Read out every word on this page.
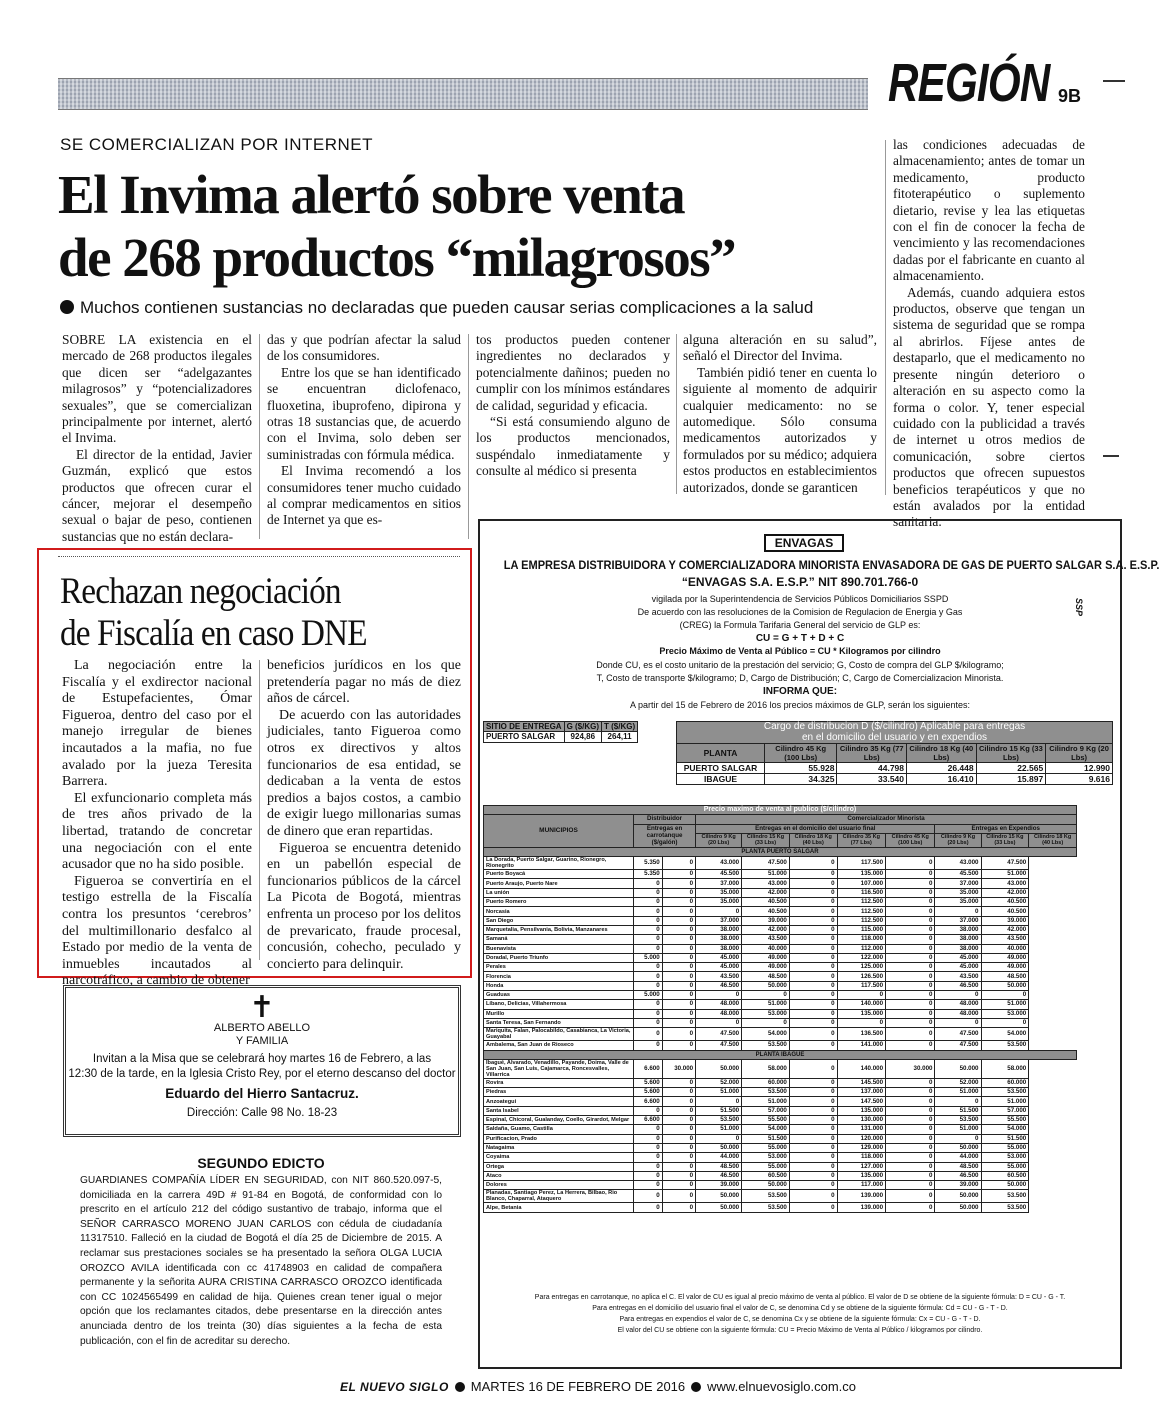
REGIÓN 9B
SE COMERCIALIZAN POR INTERNET
El Invima alertó sobre venta
de 268 productos “milagrosos”
Muchos contienen sustancias no declaradas que pueden causar serias complicaciones a la salud

SOBRE LA existencia en el mercado de 268 productos ilegales que dicen ser “adelgazantes milagrosos” y “potencializadores sexuales”, que se comercializan principalmente por internet, alertó el Invima.

El director de la entidad, Javier Guzmán, explicó que estos productos que ofrecen curar el cáncer, mejorar el desempeño sexual o bajar de peso, contienen sustancias que no están declara-

das y que podrían afectar la salud de los consumidores.

Entre los que se han identificado se encuentran diclofenaco, fluoxetina, ibuprofeno, dipirona y otras 18 sustancias que, de acuerdo con el Invima, solo deben ser suministradas con fórmula médica.

El Invima recomendó a los consumidores tener mucho cuidado al comprar medicamentos en sitios de Internet ya que es-

tos productos pueden contener ingredientes no declarados y potencialmente dañinos; pueden no cumplir con los mínimos estándares de calidad, seguridad y eficacia.

“Si está consumiendo alguno de los productos mencionados, suspéndalo inmediatamente y consulte al médico si presenta

alguna alteración en su salud”, señaló el Director del Invima.

También pidió tener en cuenta lo siguiente al momento de adquirir cualquier medicamento: no se automedique. Sólo consuma medicamentos autorizados y formulados por su médico; adquiera estos productos en establecimientos autorizados, donde se garanticen

las condiciones adecuadas de almacenamiento; antes de tomar un medicamento, producto fitoterapéutico o suplemento dietario, revise y lea las etiquetas con el fin de conocer la fecha de vencimiento y las recomendaciones dadas por el fabricante en cuanto al almacenamiento.

Además, cuando adquiera estos productos, observe que tengan un sistema de seguridad que se rompa al abrirlos. Fíjese antes de destaparlo, que el medicamento no presente ningún deterioro o alteración en su aspecto como la forma o color. Y, tener especial cuidado con la publicidad a través de internet u otros medios de comunicación, sobre ciertos productos que ofrecen supuestos beneficios terapéuticos y que no están avalados por la entidad sanitaria.

Rechazan negociación
de Fiscalía en caso DNE

La negociación entre la Fiscalía y el exdirector nacional de Estupefacientes, Ómar Figueroa, dentro del caso por el manejo irregular de bienes incautados a la mafia, no fue avalado por la jueza Teresita Barrera.

El exfuncionario completa más de tres años privado de la libertad, tratando de concretar una negociación con el ente acusador que no ha sido posible.

Figueroa se convertiría en el testigo estrella de la Fiscalía contra los presuntos ‘cerebros’ del multimillonario desfalco al Estado por medio de la venta de inmuebles incautados al narcotráfico, a cambio de obtener

beneficios jurídicos en los que pretendería pagar no más de diez años de cárcel.

De acuerdo con las autoridades judiciales, tanto Figueroa como otros ex directivos y altos funcionarios de esa entidad, se dedicaban a la venta de estos predios a bajos costos, a cambio de exigir luego millonarias sumas de dinero que eran repartidas.

Figueroa se encuentra detenido en un pabellón especial de funcionarios públicos de la cárcel La Picota de Bogotá, mientras enfrenta un proceso por los delitos de prevaricato, fraude procesal, concusión, cohecho, peculado y concierto para delinquir.

✝
ALBERTO ABELLO
Y FAMILIA
Invitan a la Misa que se celebrará hoy martes 16 de Febrero, a las
12:30 de la tarde, en la Iglesia Cristo Rey, por el eterno descanso del doctor
Eduardo del Hierro Santacruz.
Dirección: Calle 98 No. 18-23
SEGUNDO EDICTO
GUARDIANES COMPAÑÍA LÍDER EN SEGURIDAD, con NIT 860.520.097-5, domiciliada en la carrera 49D # 91-84 en Bogotá, de conformidad con lo prescrito en el artículo 212 del código sustantivo de trabajo, informa que el SEÑOR CARRASCO MORENO JUAN CARLOS con cédula de ciudadanía 11317510. Falleció en la ciudad de Bogotá el día 25 de Diciembre de 2015. A reclamar sus prestaciones sociales se ha presentado la señora OLGA LUCIA OROZCO AVILA identificada con cc 41748903 en calidad de compañera permanente y la señorita AURA CRISTINA CARRASCO OROZCO identificada con CC 1024565499 en calidad de hija. Quienes crean tener igual o mejor opción que los reclamantes citados, debe presentarse en la dirección antes anunciada dentro de los treinta (30) días siguientes a la fecha de esta publicación, con el fin de acreditar su derecho.
ENVAGAS
LA EMPRESA DISTRIBUIDORA Y COMERCIALIZADORA MINORISTA ENVASADORA DE GAS DE PUERTO SALGAR S.A. E.S.P.
“ENVAGAS S.A. E.S.P.” NIT 890.701.766-0
vigilada por la Superintendencia de Servicios Públicos Domiciliarios SSPD
De acuerdo con las resoluciones de la Comision de Regulacion de Energia y Gas
(CREG) la Formula Tarifaria General del servicio de GLP es:
CU = G + T + D + C
Precio Máximo de Venta al Público = CU * Kilogramos por cilindro
Donde CU, es el costo unitario de la prestación del servicio; G, Costo de compra del GLP $/kilogramo;
T, Costo de transporte $/kilogramo; D, Cargo de Distribución; C, Cargo de Comercializacion Minorista.
INFORMA QUE:
A partir del 15 de Febrero de 2016 los precios máximos de GLP, serán los siguientes:
SSP
SITIO DE ENTREGA	G ($/KG)	T ($/KG)
PUERTO SALGAR	924,86	264,11
Cargo de distribucion D ($/cilindro) Aplicable para entregas					
en el domicilio del usuario y en expendios					
PLANTA	Cilindro 45 Kg (100 Lbs)	Cilindro 35 Kg (77 Lbs)	Cilindro 18 Kg (40 Lbs)	Cilindro 15 Kg (33 Lbs)	Cilindro 9 Kg (20 Lbs)
PUERTO SALGAR	55.928	44.798	26.448	22.565	12.990
IBAGUE	34.325	33.540	16.410	15.897	9.616
Precio maximo de venta al publico ($/cilindro)										
MUNICIPIOS	Distribuidor		Comercializador Minorista							
	Entregas en carrotanque ($/galón)		Entregas en el domicilio del usuario final					Entregas en Expendios		
			Cilindro 9 Kg (20 Lbs)	Cilindro 15 Kg (33 Lbs)	Cilindro 18 Kg (40 Lbs)	Cilindro 35 Kg (77 Lbs)	Cilindro 45 Kg (100 Lbs)	Cilindro 9 Kg (20 Lbs)	Cilindro 15 Kg (33 Lbs)	Cilindro 18 Kg (40 Lbs)
PLANTA PUERTO SALGAR										
La Dorada, Puerto Salgar, Guarino, Rionegro, Rionegrito	5.350	0	43.000	47.500	0	117.500	0	43.000	47.500	
Puerto Boyacá	5.350	0	45.500	51.000	0	135.000	0	45.500	51.000	
Puerto Araujo, Puerto Nare	0	0	37.000	43.000	0	107.000	0	37.000	43.000	
La unión	0	0	35.000	42.000	0	116.500	0	35.000	42.000	
Puerto Romero	0	0	35.000	40.500	0	112.500	0	35.000	40.500	
Norcasia	0	0	0	40.500	0	112.500	0	0	40.500	
San Diego	0	0	37.000	39.000	0	112.500	0	37.000	39.000	
Marquetalia, Pensilvania, Bolivia, Manzanares	0	0	38.000	42.000	0	115.000	0	38.000	42.000	
Samaná	0	0	38.000	43.500	0	118.000	0	38.000	43.500	
Buenavista	0	0	38.000	40.000	0	112.000	0	38.000	40.000	
Doradal, Puerto Triunfo	5.000	0	45.000	49.000	0	122.000	0	45.000	49.000	
Perales	0	0	45.000	49.000	0	125.000	0	45.000	49.000	
Florencia	0	0	43.500	48.500	0	126.500	0	43.500	48.500	
Honda	0	0	46.500	50.000	0	117.500	0	46.500	50.000	
Guaduas	5.000	0	0	0	0	0	0	0	0	
Líbano, Delicias, Villahermosa	0	0	48.000	51.000	0	140.000	0	48.000	51.000	
Murillo	0	0	48.000	53.000	0	135.000	0	48.000	53.000	
Santa Teresa, San Fernando	0	0	0	0	0	0	0	0	0	
Mariquita, Falan, Palocabildo, Casabianca, La Victoria, Guayabal	0	0	47.500	54.000	0	136.500	0	47.500	54.000	
Ambalema, San Juan de Rioseco	0	0	47.500	53.500	0	141.000	0	47.500	53.500	
PLANTA IBAGUE										
Ibagué, Alvarado, Venadillo, Payande, Doima, Valle de San Juan, San Luis, Cajamarca, Roncesvalles, Villarrica	6.600	30.000	50.000	58.000	0	140.000	30.000	50.000	58.000	
Rovira	5.600	0	52.000	60.000	0	145.500	0	52.000	60.000	
Piedras	5.600	0	51.000	53.500	0	137.000	0	51.000	53.500	
Anzoategui	6.600	0	0	51.000	0	147.500	0	0	51.000	
Santa Isabel	0	0	51.500	57.000	0	135.000	0	51.500	57.000	
Espinal, Chicoral, Gualanday, Coello, Girardot, Melgar	6.600	0	53.500	55.500	0	130.000	0	53.500	55.500	
Saldaña, Guamo, Castilla	0	0	51.000	54.000	0	131.000	0	51.000	54.000	
Purificacion, Prado	0	0	0	51.500	0	120.000	0	0	51.500	
Natagaima	0	0	50.000	55.000	0	129.000	0	50.000	55.000	
Coyaima	0	0	44.000	53.000	0	118.000	0	44.000	53.000	
Ortega	0	0	48.500	55.000	0	127.000	0	48.500	55.000	
Ataco	0	0	46.500	60.500	0	135.000	0	46.500	60.500	
Dolores	0	0	39.000	50.000	0	117.000	0	39.000	50.000	
Planadas, Santiago Perez, La Herrera, Bilbao, Rio Blanco, Chaparral, Ataquero	0	0	50.000	53.500	0	139.000	0	50.000	53.500	
Alpe, Betania	0	0	50.000	53.500	0	139.000	0	50.000	53.500	
Para entregas en carrotanque, no aplica el C. El valor de CU es igual al precio máximo de venta al público. El valor de D se obtiene de la siguiente fórmula: D = CU - G - T.
Para entregas en el domicilio del usuario final el valor de C, se denomina Cd y se obtiene de la siguiente fórmula: Cd = CU - G - T - D.
Para entregas en expendios el valor de C, se denomina Cx y se obtiene de la siguiente fórmula: Cx = CU - G - T - D.
El valor del CU se obtiene con la siguiente fórmula: CU = Precio Máximo de Venta al Público / kilogramos por cilindro.
EL NUEVO SIGLO MARTES 16 DE FEBRERO DE 2016 www.elnuevosiglo.com.co
